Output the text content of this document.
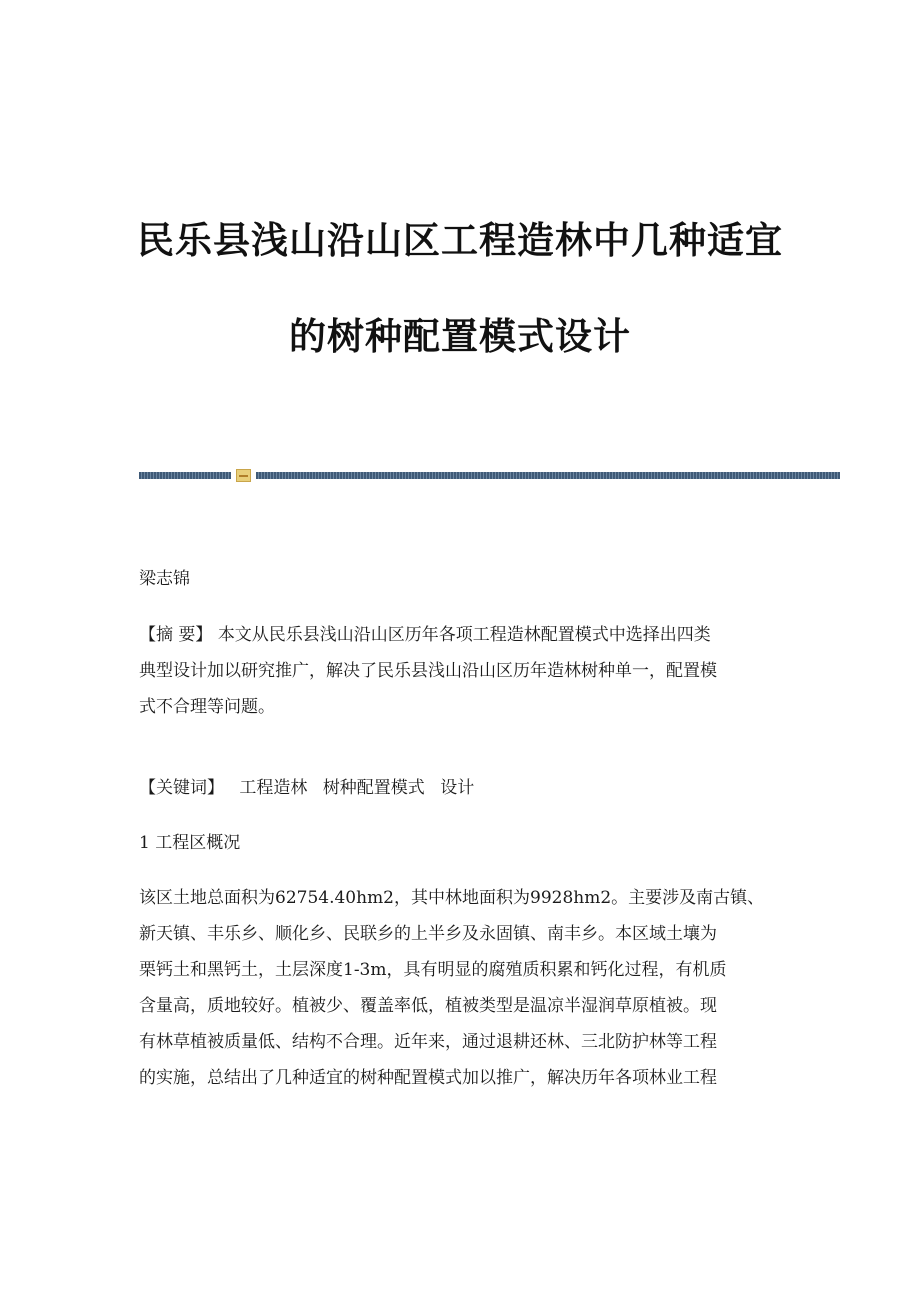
民乐县浅山沿山区工程造林中几种适宜
的树种配置模式设计
梁志锦
【摘 要】 本文从民乐县浅山沿山区历年各项工程造林配置模式中选择出四类
典型设计加以研究推广，解决了民乐县浅山沿山区历年造林树种单一，配置模
式不合理等问题。
【关键词】 工程造林 树种配置模式 设计
1 工程区概况
该区土地总面积为62754.40hm2，其中林地面积为9928hm2。主要涉及南古镇、
新天镇、丰乐乡、顺化乡、民联乡的上半乡及永固镇、南丰乡。本区域土壤为
栗钙土和黑钙土，土层深度1-3m，具有明显的腐殖质积累和钙化过程，有机质
含量高，质地较好。植被少、覆盖率低，植被类型是温凉半湿润草原植被。现
有林草植被质量低、结构不合理。近年来，通过退耕还林、三北防护林等工程
的实施，总结出了几种适宜的树种配置模式加以推广，解决历年各项林业工程
